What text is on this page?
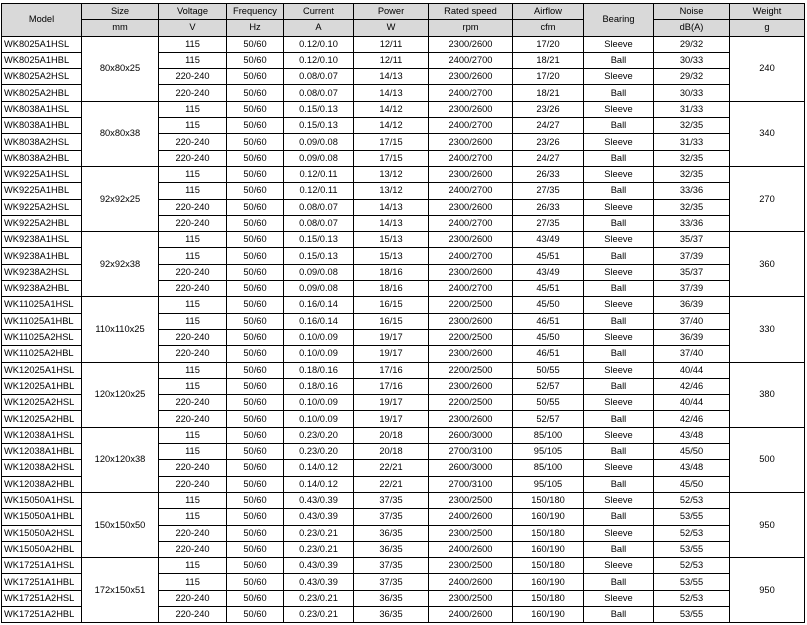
Model	Size	Voltage	Frequency	Current	Power	Rated speed	Airflow	Bearing	Noise	Weight
	mm	V	Hz	A	W	rpm	cfm		dB(A)	g
WK8025A1HSL	80x80x25	115	50/60	0.12/0.10	12/11	2300/2600	17/20	Sleeve	29/32	240
WK8025A1HBL		115	50/60	0.12/0.10	12/11	2400/2700	18/21	Ball	30/33	
WK8025A2HSL		220-240	50/60	0.08/0.07	14/13	2300/2600	17/20	Sleeve	29/32	
WK8025A2HBL		220-240	50/60	0.08/0.07	14/13	2400/2700	18/21	Ball	30/33	
WK8038A1HSL	80x80x38	115	50/60	0.15/0.13	14/12	2300/2600	23/26	Sleeve	31/33	340
WK8038A1HBL		115	50/60	0.15/0.13	14/12	2400/2700	24/27	Ball	32/35	
WK8038A2HSL		220-240	50/60	0.09/0.08	17/15	2300/2600	23/26	Sleeve	31/33	
WK8038A2HBL		220-240	50/60	0.09/0.08	17/15	2400/2700	24/27	Ball	32/35	
WK9225A1HSL	92x92x25	115	50/60	0.12/0.11	13/12	2300/2600	26/33	Sleeve	32/35	270
WK9225A1HBL		115	50/60	0.12/0.11	13/12	2400/2700	27/35	Ball	33/36	
WK9225A2HSL		220-240	50/60	0.08/0.07	14/13	2300/2600	26/33	Sleeve	32/35	
WK9225A2HBL		220-240	50/60	0.08/0.07	14/13	2400/2700	27/35	Ball	33/36	
WK9238A1HSL	92x92x38	115	50/60	0.15/0.13	15/13	2300/2600	43/49	Sleeve	35/37	360
WK9238A1HBL		115	50/60	0.15/0.13	15/13	2400/2700	45/51	Ball	37/39	
WK9238A2HSL		220-240	50/60	0.09/0.08	18/16	2300/2600	43/49	Sleeve	35/37	
WK9238A2HBL		220-240	50/60	0.09/0.08	18/16	2400/2700	45/51	Ball	37/39	
WK11025A1HSL	110x110x25	115	50/60	0.16/0.14	16/15	2200/2500	45/50	Sleeve	36/39	330
WK11025A1HBL		115	50/60	0.16/0.14	16/15	2300/2600	46/51	Ball	37/40	
WK11025A2HSL		220-240	50/60	0.10/0.09	19/17	2200/2500	45/50	Sleeve	36/39	
WK11025A2HBL		220-240	50/60	0.10/0.09	19/17	2300/2600	46/51	Ball	37/40	
WK12025A1HSL	120x120x25	115	50/60	0.18/0.16	17/16	2200/2500	50/55	Sleeve	40/44	380
WK12025A1HBL		115	50/60	0.18/0.16	17/16	2300/2600	52/57	Ball	42/46	
WK12025A2HSL		220-240	50/60	0.10/0.09	19/17	2200/2500	50/55	Sleeve	40/44	
WK12025A2HBL		220-240	50/60	0.10/0.09	19/17	2300/2600	52/57	Ball	42/46	
WK12038A1HSL	120x120x38	115	50/60	0.23/0.20	20/18	2600/3000	85/100	Sleeve	43/48	500
WK12038A1HBL		115	50/60	0.23/0.20	20/18	2700/3100	95/105	Ball	45/50	
WK12038A2HSL		220-240	50/60	0.14/0.12	22/21	2600/3000	85/100	Sleeve	43/48	
WK12038A2HBL		220-240	50/60	0.14/0.12	22/21	2700/3100	95/105	Ball	45/50	
WK15050A1HSL	150x150x50	115	50/60	0.43/0.39	37/35	2300/2500	150/180	Sleeve	52/53	950
WK15050A1HBL		115	50/60	0.43/0.39	37/35	2400/2600	160/190	Ball	53/55	
WK15050A2HSL		220-240	50/60	0.23/0.21	36/35	2300/2500	150/180	Sleeve	52/53	
WK15050A2HBL		220-240	50/60	0.23/0.21	36/35	2400/2600	160/190	Ball	53/55	
WK17251A1HSL	172x150x51	115	50/60	0.43/0.39	37/35	2300/2500	150/180	Sleeve	52/53	950
WK17251A1HBL		115	50/60	0.43/0.39	37/35	2400/2600	160/190	Ball	53/55	
WK17251A2HSL		220-240	50/60	0.23/0.21	36/35	2300/2500	150/180	Sleeve	52/53	
WK17251A2HBL		220-240	50/60	0.23/0.21	36/35	2400/2600	160/190	Ball	53/55	
